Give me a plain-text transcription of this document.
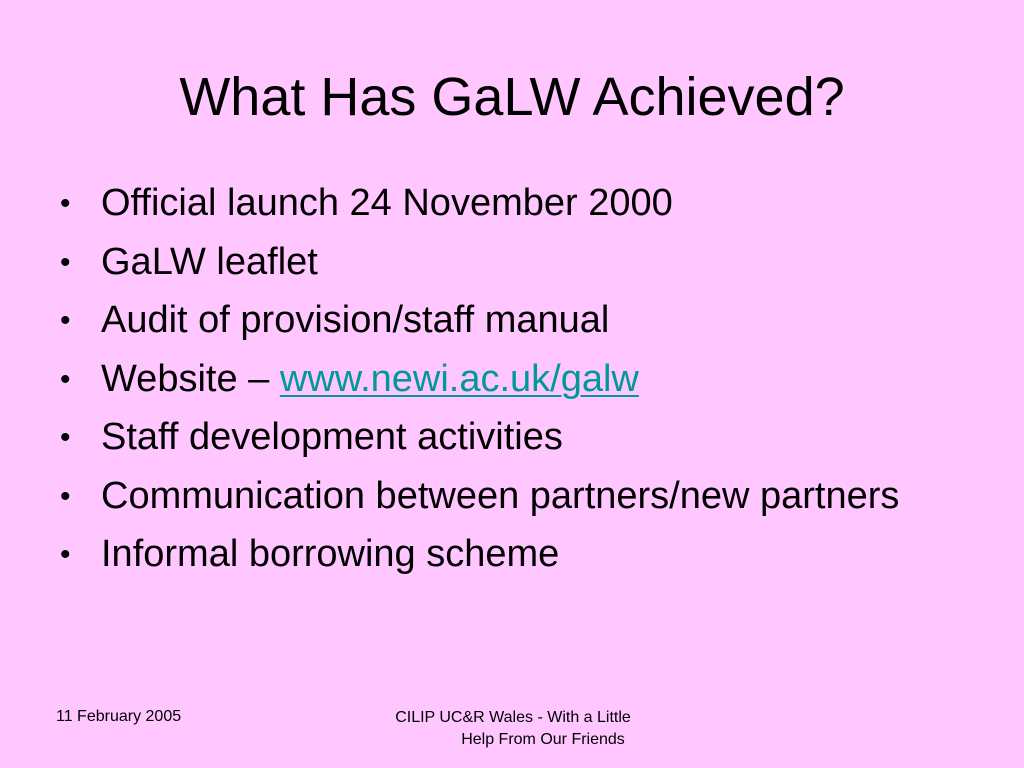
What Has GaLW Achieved?
• Official launch 24 November 2000
• GaLW leaflet
• Audit of provision/staff manual
• Website – www.newi.ac.uk/galw
• Staff development activities
• Communication between partners/new partners
• Informal borrowing scheme
11 February 2005	CILIP UC&R Wales - With a Little
Help From Our Friends
